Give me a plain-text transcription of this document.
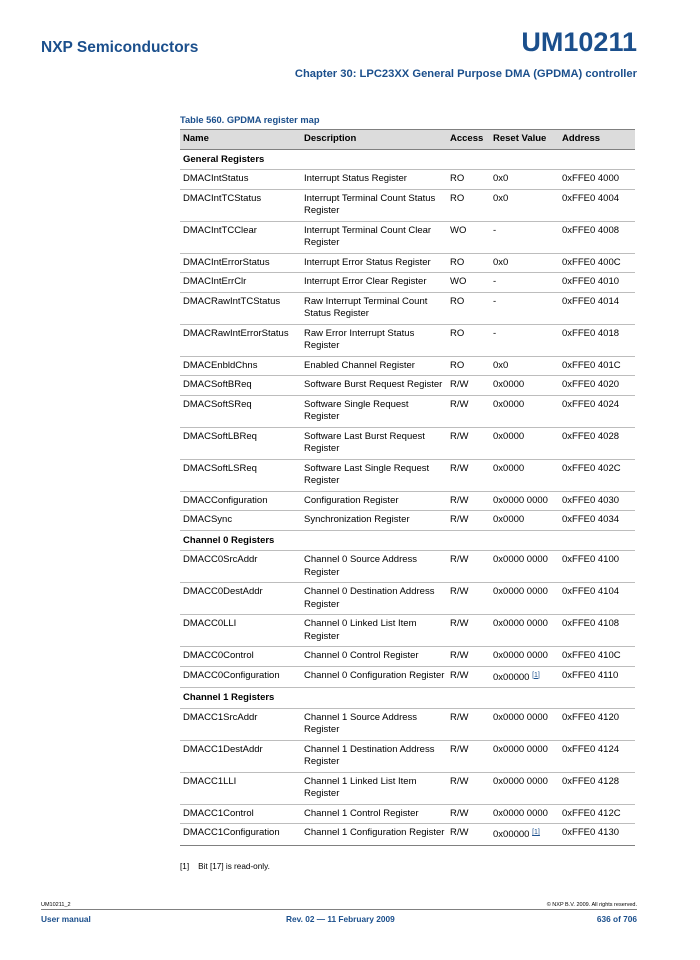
NXP Semiconductors	UM10211
Chapter 30: LPC23XX General Purpose DMA (GPDMA) controller
Table 560. GPDMA register map
Name	Description	Access	Reset Value	Address
General Registers				
DMACIntStatus	Interrupt Status Register	RO	0x0	0xFFE0 4000
DMACIntTCStatus	Interrupt Terminal Count Status Register	RO	0x0	0xFFE0 4004
DMACIntTCClear	Interrupt Terminal Count Clear Register	WO	-	0xFFE0 4008
DMACIntErrorStatus	Interrupt Error Status Register	RO	0x0	0xFFE0 400C
DMACIntErrClr	Interrupt Error Clear Register	WO	-	0xFFE0 4010
DMACRawIntTCStatus	Raw Interrupt Terminal Count Status Register	RO	-	0xFFE0 4014
DMACRawIntErrorStatus	Raw Error Interrupt Status Register	RO	-	0xFFE0 4018
DMACEnbldChns	Enabled Channel Register	RO	0x0	0xFFE0 401C
DMACSoftBReq	Software Burst Request Register	R/W	0x0000	0xFFE0 4020
DMACSoftSReq	Software Single Request Register	R/W	0x0000	0xFFE0 4024
DMACSoftLBReq	Software Last Burst Request Register	R/W	0x0000	0xFFE0 4028
DMACSoftLSReq	Software Last Single Request Register	R/W	0x0000	0xFFE0 402C
DMACConfiguration	Configuration Register	R/W	0x0000 0000	0xFFE0 4030
DMACSync	Synchronization Register	R/W	0x0000	0xFFE0 4034
Channel 0 Registers				
DMACC0SrcAddr	Channel 0 Source Address Register	R/W	0x0000 0000	0xFFE0 4100
DMACC0DestAddr	Channel 0 Destination Address Register	R/W	0x0000 0000	0xFFE0 4104
DMACC0LLI	Channel 0 Linked List Item Register	R/W	0x0000 0000	0xFFE0 4108
DMACC0Control	Channel 0 Control Register	R/W	0x0000 0000	0xFFE0 410C
DMACC0Configuration	Channel 0 Configuration Register	R/W	0x00000 [1]	0xFFE0 4110
Channel 1 Registers				
DMACC1SrcAddr	Channel 1 Source Address Register	R/W	0x0000 0000	0xFFE0 4120
DMACC1DestAddr	Channel 1 Destination Address Register	R/W	0x0000 0000	0xFFE0 4124
DMACC1LLI	Channel 1 Linked List Item Register	R/W	0x0000 0000	0xFFE0 4128
DMACC1Control	Channel 1 Control Register	R/W	0x0000 0000	0xFFE0 412C
DMACC1Configuration	Channel 1 Configuration Register	R/W	0x00000 [1]	0xFFE0 4130
[1] Bit [17] is read-only.
UM10211_2	© NXP B.V. 2009. All rights reserved.
User manual	Rev. 02 — 11 February 2009	636 of 706
